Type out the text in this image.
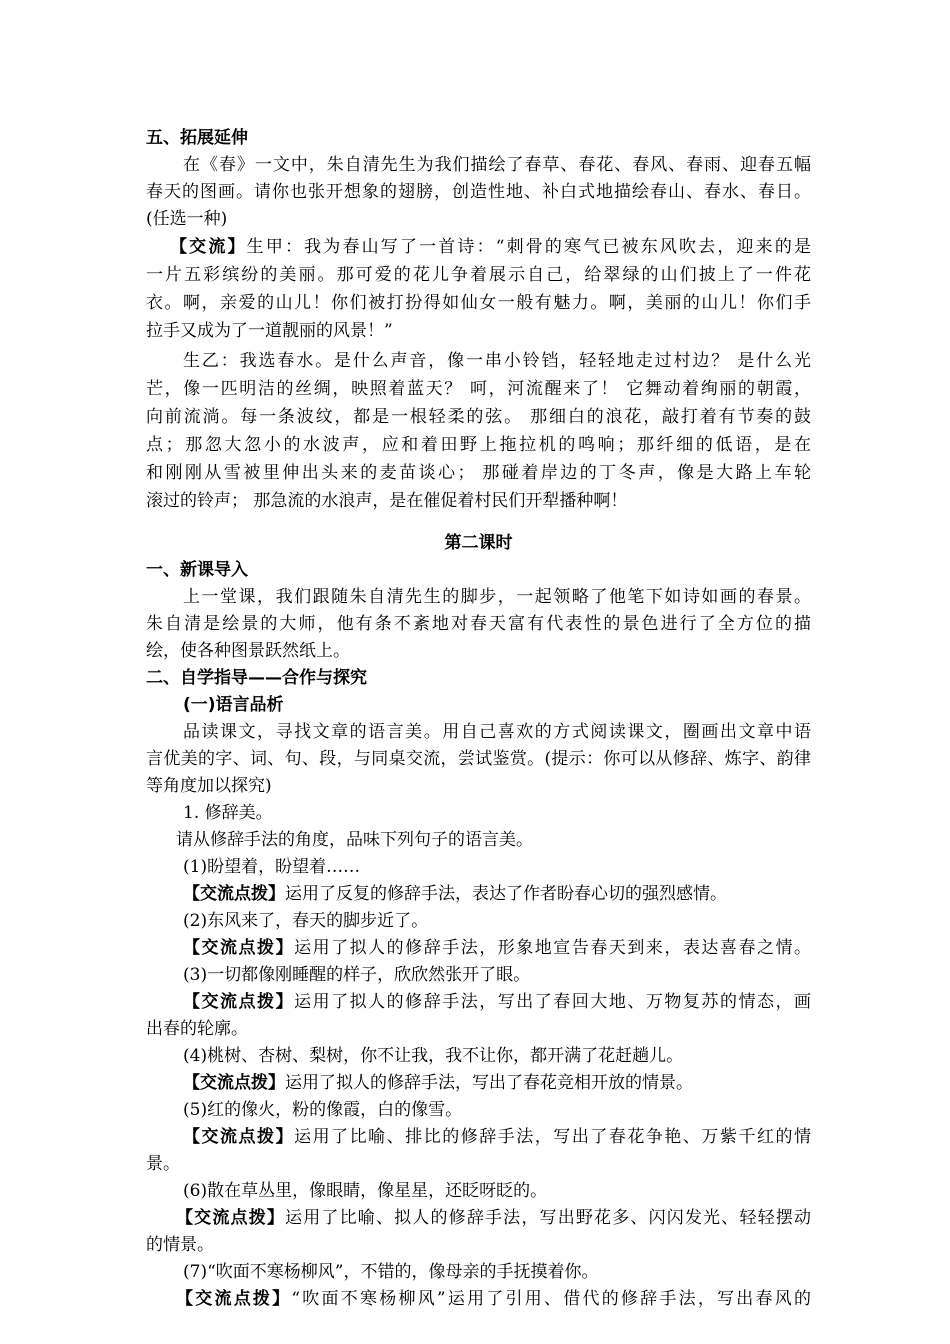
五、拓展延伸
在《春》一文中，朱自清先生为我们描绘了春草、春花、春风、春雨、迎春五幅
春天的图画。请你也张开想象的翅膀，创造性地、补白式地描绘春山、春水、春日。
(任选一种)
【交流】生甲：我为春山写了一首诗：“刺骨的寒气已被东风吹去，迎来的是
一片五彩缤纷的美丽。那可爱的花儿争着展示自己，给翠绿的山们披上了一件花
衣。啊，亲爱的山儿！你们被打扮得如仙女一般有魅力。啊，美丽的山儿！你们手
拉手又成为了一道靓丽的风景！”
生乙：我选春水。是什么声音，像一串小铃铛，轻轻地走过村边？ 是什么光
芒，像一匹明洁的丝绸，映照着蓝天？ 呵，河流醒来了！ 它舞动着绚丽的朝霞，
向前流淌。每一条波纹，都是一根轻柔的弦。 那细白的浪花，敲打着有节奏的鼓
点；那忽大忽小的水波声，应和着田野上拖拉机的鸣响；那纤细的低语，是在
和刚刚从雪被里伸出头来的麦苗谈心； 那碰着岸边的丁冬声，像是大路上车轮
滚过的铃声； 那急流的水浪声，是在催促着村民们开犁播种啊！
第二课时
一、新课导入
上一堂课，我们跟随朱自清先生的脚步，一起领略了他笔下如诗如画的春景。
朱自清是绘景的大师，他有条不紊地对春天富有代表性的景色进行了全方位的描
绘，使各种图景跃然纸上。
二、自学指导——合作与探究
(一)语言品析
品读课文，寻找文章的语言美。用自己喜欢的方式阅读课文，圈画出文章中语
言优美的字、词、句、段，与同桌交流，尝试鉴赏。(提示：你可以从修辞、炼字、韵律
等角度加以探究)
1. 修辞美。
请从修辞手法的角度，品味下列句子的语言美。
(1)盼望着，盼望着……
【交流点拨】运用了反复的修辞手法，表达了作者盼春心切的强烈感情。
(2)东风来了，春天的脚步近了。
【交流点拨】运用了拟人的修辞手法，形象地宣告春天到来，表达喜春之情。
(3)一切都像刚睡醒的样子，欣欣然张开了眼。
【交流点拨】运用了拟人的修辞手法，写出了春回大地、万物复苏的情态，画
出春的轮廓。
(4)桃树、杏树、梨树，你不让我，我不让你，都开满了花赶趟儿。
【交流点拨】运用了拟人的修辞手法，写出了春花竞相开放的情景。
(5)红的像火，粉的像霞，白的像雪。
【交流点拨】运用了比喻、排比的修辞手法，写出了春花争艳、万紫千红的情
景。
(6)散在草丛里，像眼睛，像星星，还眨呀眨的。
【交流点拨】运用了比喻、拟人的修辞手法，写出野花多、闪闪发光、轻轻摆动
的情景。
(7)“吹面不寒杨柳风”，不错的，像母亲的手抚摸着你。
【交流点拨】“吹面不寒杨柳风”运用了引用、借代的修辞手法，写出春风的
